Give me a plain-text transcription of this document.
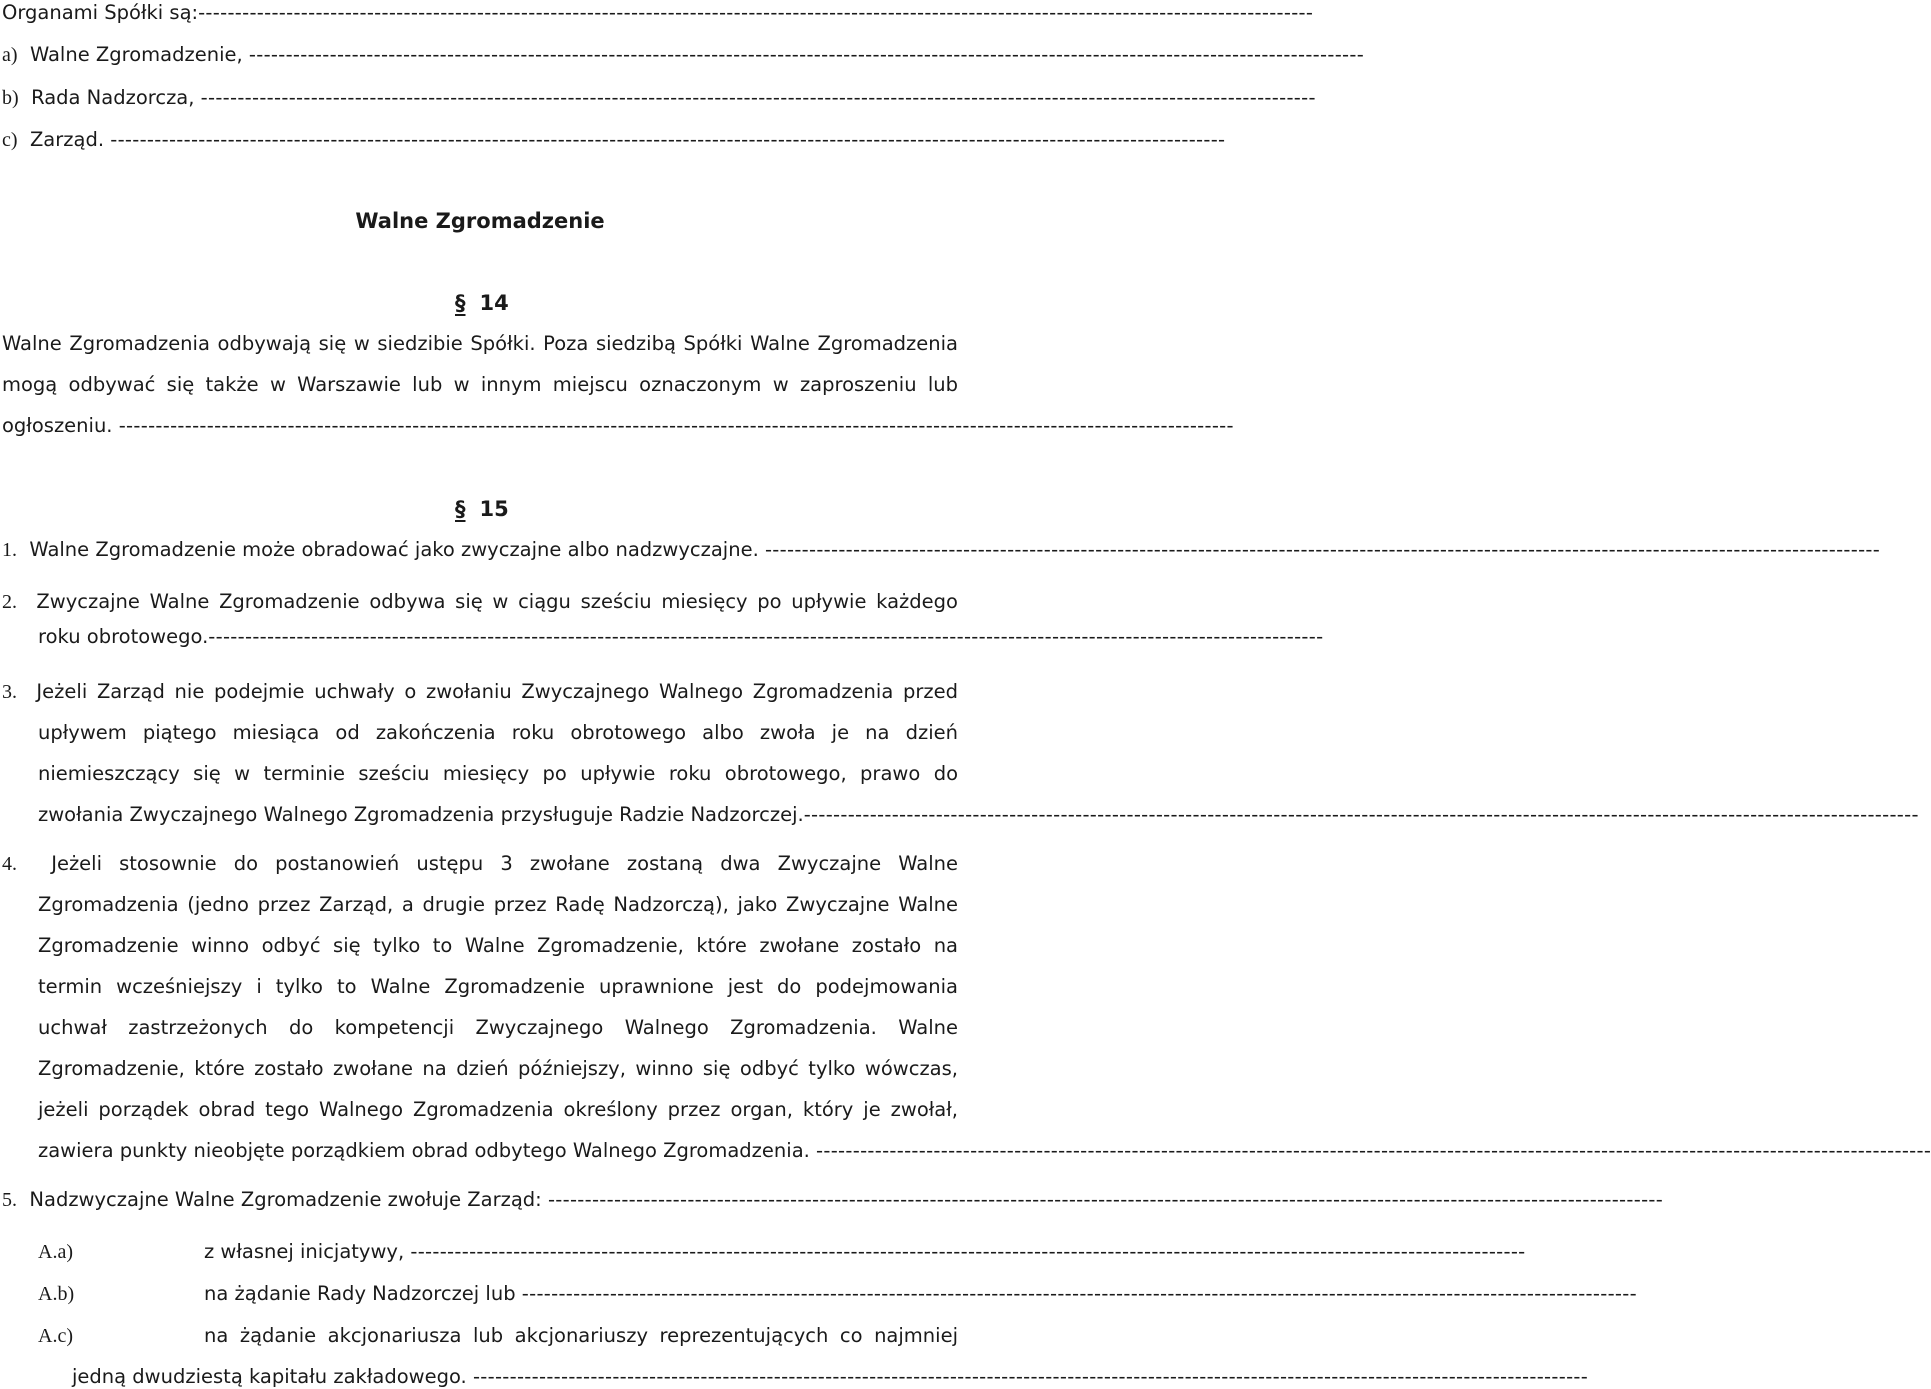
Organami Spółki są:--------------------------------------------------------------------------------------------------------------------------------------------------------
a) Walne Zgromadzenie, --------------------------------------------------------------------------------------------------------------------------------------------------------
b) Rada Nadzorcza, --------------------------------------------------------------------------------------------------------------------------------------------------------
c) Zarząd. --------------------------------------------------------------------------------------------------------------------------------------------------------
Walne Zgromadzenie
§ 14
Walne Zgromadzenia odbywają się w siedzibie Spółki. Poza siedzibą Spółki Walne Zgromadzenia
mogą odbywać się także w Warszawie lub w innym miejscu oznaczonym w zaproszeniu lub
ogłoszeniu. --------------------------------------------------------------------------------------------------------------------------------------------------------
§ 15
1. Walne Zgromadzenie może obradować jako zwyczajne albo nadzwyczajne. --------------------------------------------------------------------------------------------------------------------------------------------------------
2. Zwyczajne Walne Zgromadzenie odbywa się w ciągu sześciu miesięcy po upływie każdego
roku obrotowego.--------------------------------------------------------------------------------------------------------------------------------------------------------
3. Jeżeli Zarząd nie podejmie uchwały o zwołaniu Zwyczajnego Walnego Zgromadzenia przed
upływem piątego miesiąca od zakończenia roku obrotowego albo zwoła je na dzień
niemieszczący się w terminie sześciu miesięcy po upływie roku obrotowego, prawo do
zwołania Zwyczajnego Walnego Zgromadzenia przysługuje Radzie Nadzorczej.--------------------------------------------------------------------------------------------------------------------------------------------------------
4. Jeżeli stosownie do postanowień ustępu 3 zwołane zostaną dwa Zwyczajne Walne
Zgromadzenia (jedno przez Zarząd, a drugie przez Radę Nadzorczą), jako Zwyczajne Walne
Zgromadzenie winno odbyć się tylko to Walne Zgromadzenie, które zwołane zostało na
termin wcześniejszy i tylko to Walne Zgromadzenie uprawnione jest do podejmowania
uchwał zastrzeżonych do kompetencji Zwyczajnego Walnego Zgromadzenia. Walne
Zgromadzenie, które zostało zwołane na dzień późniejszy, winno się odbyć tylko wówczas,
jeżeli porządek obrad tego Walnego Zgromadzenia określony przez organ, który je zwołał,
zawiera punkty nieobjęte porządkiem obrad odbytego Walnego Zgromadzenia. --------------------------------------------------------------------------------------------------------------------------------------------------------
5. Nadzwyczajne Walne Zgromadzenie zwołuje Zarząd: --------------------------------------------------------------------------------------------------------------------------------------------------------
A.a)	z własnej inicjatywy, --------------------------------------------------------------------------------------------------------------------------------------------------------
A.b)	na żądanie Rady Nadzorczej lub --------------------------------------------------------------------------------------------------------------------------------------------------------
A.c)	na żądanie akcjonariusza lub akcjonariuszy reprezentujących co najmniej
jedną dwudziestą kapitału zakładowego. --------------------------------------------------------------------------------------------------------------------------------------------------------
